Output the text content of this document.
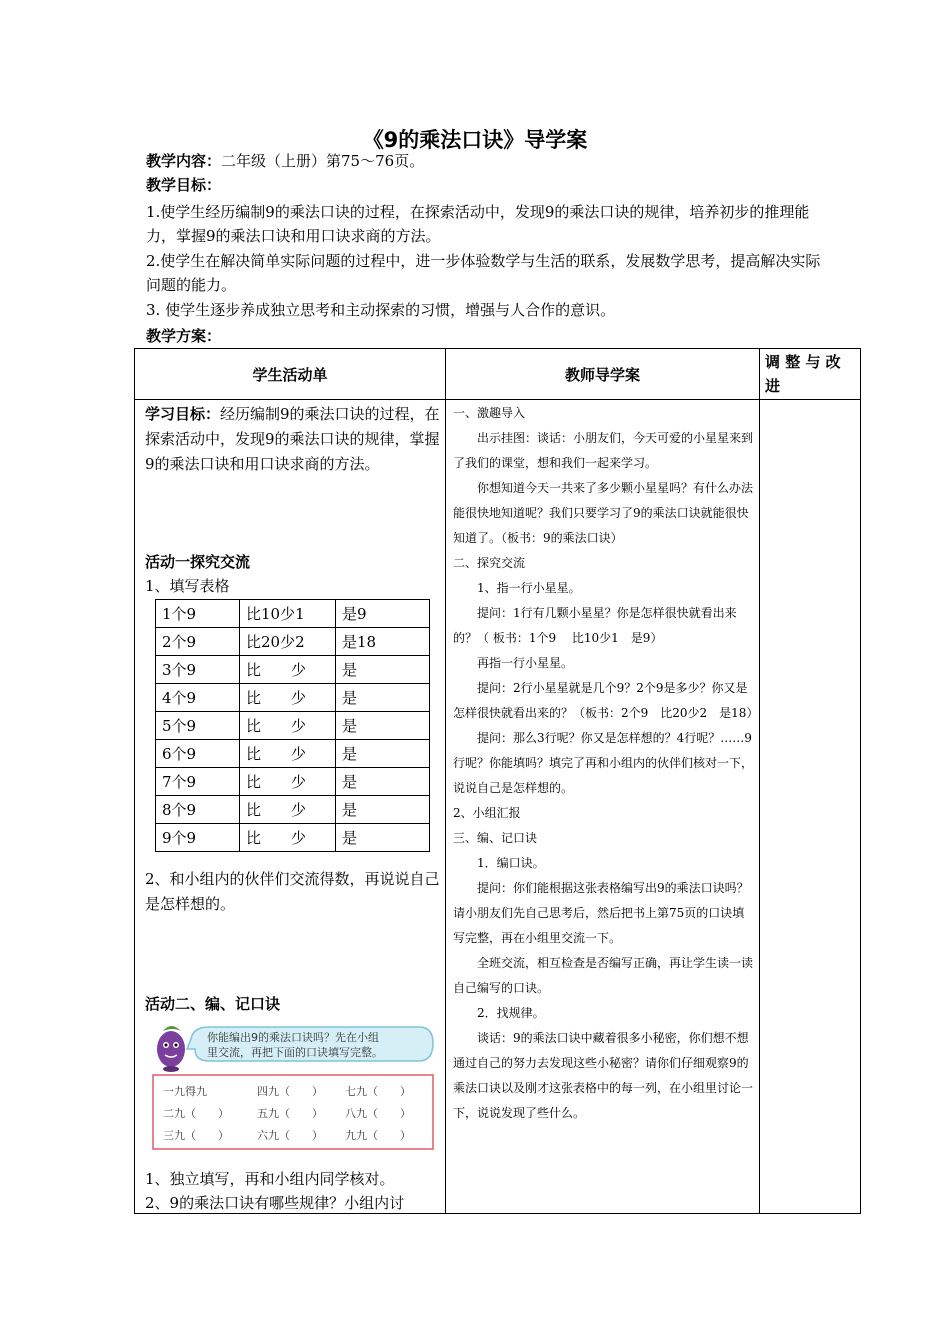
《9的乘法口诀》导学案
教学内容：二年级（上册）第75～76页。
教学目标：
1.使学生经历编制9的乘法口诀的过程，在探索活动中，发现9的乘法口诀的规律，培养初步的推理能力，掌握9的乘法口诀和用口诀求商的方法。
2.使学生在解决简单实际问题的过程中，进一步体验数学与生活的联系，发展数学思考，提高解决实际问题的能力。
3. 使学生逐步养成独立思考和主动探索的习惯，增强与人合作的意识。
教学方案：
学生活动单	教师导学案
调 整 与 改 进
学习目标：经历编制9的乘法口诀的过程，在探索活动中，发现9的乘法口诀的规律，掌握9的乘法口诀和用口诀求商的方法。
活动一探究交流
1、填写表格
1个9	比10少1	是9
2个9	比20少2	是18
3个9	比　　少	是
4个9	比　　少	是
5个9	比　　少	是
6个9	比　　少	是
7个9	比　　少	是
8个9	比　　少	是
9个9	比　　少	是
2、和小组内的伙伴们交流得数，再说说自己是怎样想的。
活动二、编、记口诀
你能编出9的乘法口诀吗？先在小组
里交流，再把下面的口诀填写完整。
一九得九	四九（　　） 七九（　　）
二九（　　）	五九（　　） 八九（　　）
三九（　　）	六九（　　） 九九（　　）
1、独立填写，再和小组内同学核对。
2、9的乘法口诀有哪些规律？小组内讨

一、激趣导入

出示挂图：谈话：小朋友们，今天可爱的小星星来到了我们的课堂，想和我们一起来学习。

你想知道今天一共来了多少颗小星星吗？有什么办法能很快地知道呢？我们只要学习了9的乘法口诀就能很快知道了。（板书：9的乘法口诀）

二、探究交流

1、指一行小星星。

提问：1行有几颗小星星？你是怎样很快就看出来的？（ 板书：1个9　 比10少1　是9）

再指一行小星星。

提问：2行小星星就是几个9？2个9是多少？你又是怎样很快就看出来的？（板书：2个9　比20少2　是18）

提问：那么3行呢？你又是怎样想的？4行呢？……9行呢？你能填吗？填完了再和小组内的伙伴们核对一下，说说自己是怎样想的。

2、小组汇报

三、编、记口诀

1．编口诀。

提问：你们能根据这张表格编写出9的乘法口诀吗？请小朋友们先自己思考后，然后把书上第75页的口诀填写完整，再在小组里交流一下。

全班交流，相互检查是否编写正确，再让学生读一读自己编写的口诀。

2．找规律。

谈话：9的乘法口诀中藏着很多小秘密，你们想不想通过自己的努力去发现这些小秘密？请你们仔细观察9的乘法口诀以及刚才这张表格中的每一列，在小组里讨论一下，说说发现了些什么。
